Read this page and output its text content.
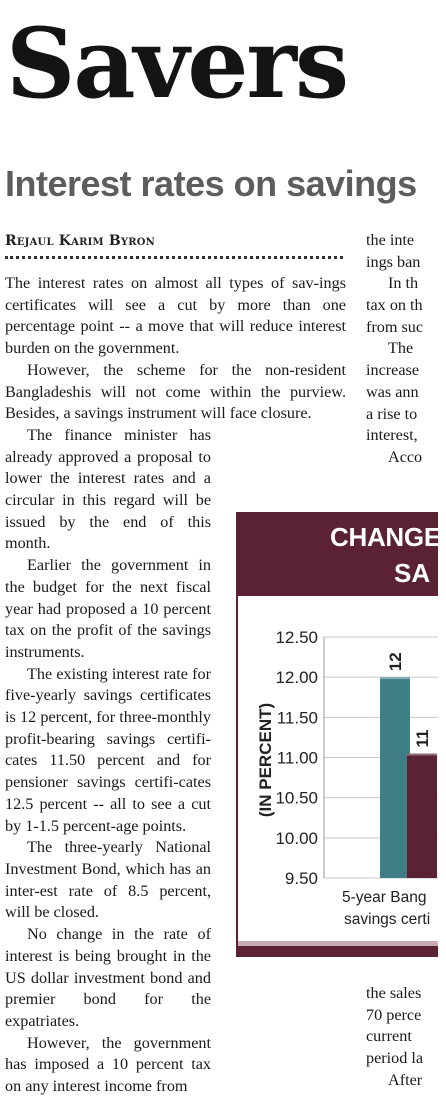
Savers
Interest rates on savings
Rejaul Karim Byron

The interest rates on almost all types of sav-ings certificates will see a cut by more than one percentage point -- a move that will reduce interest burden on the government.

However, the scheme for the non-resident Bangladeshis will not come within the purview. Besides, a savings instrument will face closure.

The finance minister has already approved a proposal to lower the interest rates and a circular in this regard will be issued by the end of this month.

Earlier the government in the budget for the next fiscal year had proposed a 10 percent tax on the profit of the savings instruments.

The existing interest rate for five-yearly savings certificates is 12 percent, for three-monthly profit-bearing savings certifi-cates 11.50 percent and for pensioner savings certifi-cates 12.5 percent -- all to see a cut by 1-1.5 percent-age points.

The three-yearly National Investment Bond, which has an inter-est rate of 8.5 percent, will be closed.

No change in the rate of interest is being brought in the US dollar investment bond and premier bond for the expatriates.

However, the government has imposed a 10 percent tax on any interest income from

the inte
ings ban
In th
tax on th
from suc
The
increase
was ann
a rise to
interest,
Acco
the sales
70 perce
current
period la
After
CHANGE
SA
12.50
12.00
11.50
11.00
10.50
10.00
9.50
(IN PERCENT)
12
11
5-year Bang
savings certi
